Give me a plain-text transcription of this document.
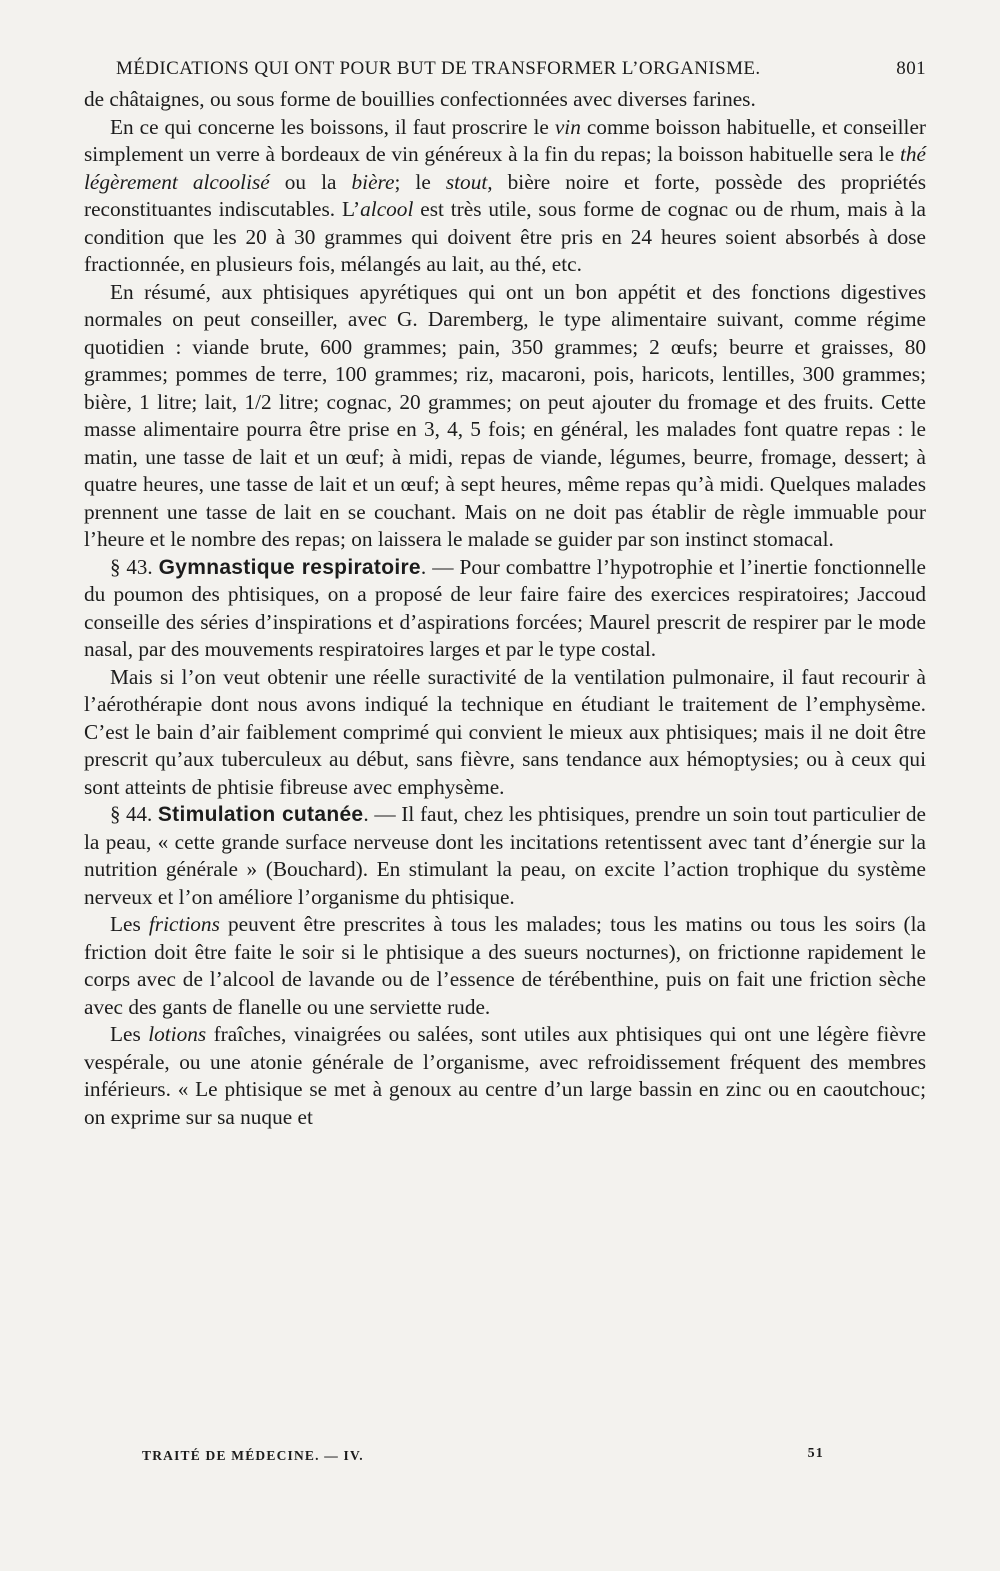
MÉDICATIONS QUI ONT POUR BUT DE TRANSFORMER L’ORGANISME.	801

de châtaignes, ou sous forme de bouillies confectionnées avec diverses farines.

En ce qui concerne les boissons, il faut proscrire le vin comme boisson habituelle, et conseiller simplement un verre à bordeaux de vin généreux à la fin du repas; la boisson habituelle sera le thé légèrement alcoolisé ou la bière; le stout, bière noire et forte, possède des propriétés reconstituantes indiscutables. L’alcool est très utile, sous forme de cognac ou de rhum, mais à la condition que les 20 à 30 grammes qui doivent être pris en 24 heures soient absorbés à dose fractionnée, en plusieurs fois, mélangés au lait, au thé, etc.

En résumé, aux phtisiques apyrétiques qui ont un bon appétit et des fonctions digestives normales on peut conseiller, avec G. Daremberg, le type alimentaire suivant, comme régime quotidien : viande brute, 600 grammes; pain, 350 grammes; 2 œufs; beurre et graisses, 80 grammes; pommes de terre, 100 grammes; riz, macaroni, pois, haricots, lentilles, 300 grammes; bière, 1 litre; lait, 1/2 litre; cognac, 20 grammes; on peut ajouter du fromage et des fruits. Cette masse alimentaire pourra être prise en 3, 4, 5 fois; en général, les malades font quatre repas : le matin, une tasse de lait et un œuf; à midi, repas de viande, légumes, beurre, fromage, dessert; à quatre heures, une tasse de lait et un œuf; à sept heures, même repas qu’à midi. Quelques malades prennent une tasse de lait en se couchant. Mais on ne doit pas établir de règle immuable pour l’heure et le nombre des repas; on laissera le malade se guider par son instinct stomacal.

§ 43. Gymnastique respiratoire. — Pour combattre l’hypotrophie et l’inertie fonctionnelle du poumon des phtisiques, on a proposé de leur faire faire des exercices respiratoires; Jaccoud conseille des séries d’inspirations et d’aspirations forcées; Maurel prescrit de respirer par le mode nasal, par des mouvements respiratoires larges et par le type costal.

Mais si l’on veut obtenir une réelle suractivité de la ventilation pulmonaire, il faut recourir à l’aérothérapie dont nous avons indiqué la technique en étudiant le traitement de l’emphysème. C’est le bain d’air faiblement comprimé qui convient le mieux aux phtisiques; mais il ne doit être prescrit qu’aux tuberculeux au début, sans fièvre, sans tendance aux hémoptysies; ou à ceux qui sont atteints de phtisie fibreuse avec emphysème.

§ 44. Stimulation cutanée. — Il faut, chez les phtisiques, prendre un soin tout particulier de la peau, « cette grande surface nerveuse dont les incitations retentissent avec tant d’énergie sur la nutrition générale » (Bouchard). En stimulant la peau, on excite l’action trophique du système nerveux et l’on améliore l’organisme du phtisique.

Les frictions peuvent être prescrites à tous les malades; tous les matins ou tous les soirs (la friction doit être faite le soir si le phtisique a des sueurs nocturnes), on frictionne rapidement le corps avec de l’alcool de lavande ou de l’essence de térébenthine, puis on fait une friction sèche avec des gants de flanelle ou une serviette rude.

Les lotions fraîches, vinaigrées ou salées, sont utiles aux phtisiques qui ont une légère fièvre vespérale, ou une atonie générale de l’organisme, avec refroidissement fréquent des membres inférieurs. « Le phtisique se met à genoux au centre d’un large bassin en zinc ou en caoutchouc; on exprime sur sa nuque et

TRAITÉ DE MÉDECINE. — IV.	51
